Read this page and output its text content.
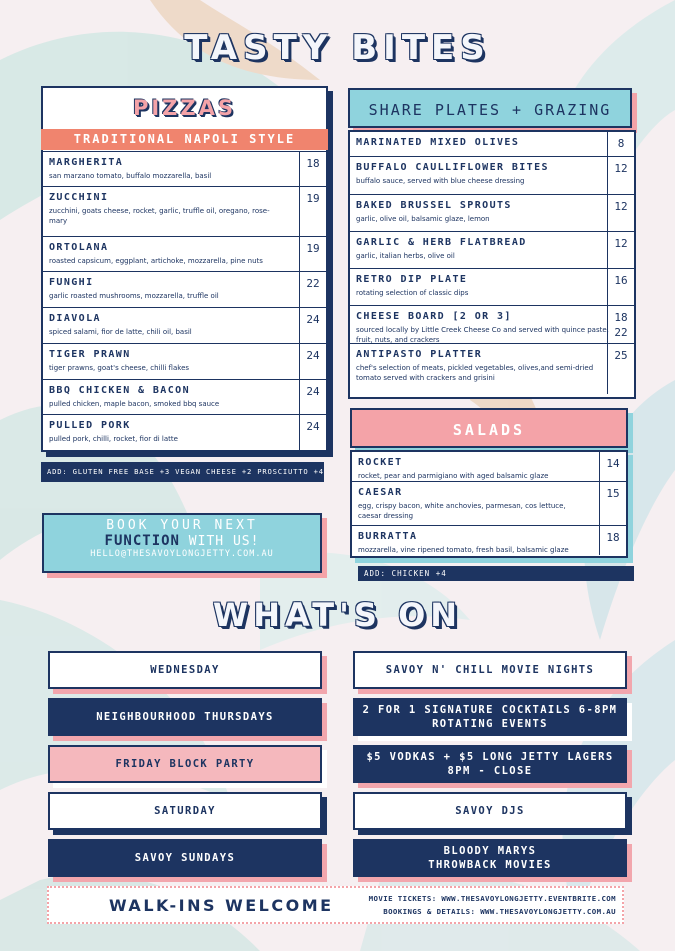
TASTY BITES
PIZZAS
TRADITIONAL NAPOLI STYLE
MARGHERITA
san marzano tomato, buffalo mozzarella, basil
18
ZUCCHINI
zucchini, goats cheese, rocket, garlic, truffle oil, oregano, rose-
mary
19
ORTOLANA
roasted capsicum, eggplant, artichoke, mozzarella, pine nuts
19
FUNGHI
garlic roasted mushrooms, mozzarella, truffle oil
22
DIAVOLA
spiced salami, fior de latte, chili oil, basil
24
TIGER PRAWN
tiger prawns, goat's cheese, chilli flakes
24
BBQ CHICKEN & BACON
pulled chicken, maple bacon, smoked bbq sauce
24
PULLED PORK
pulled pork, chilli, rocket, fior di latte
24
ADD: GLUTEN FREE BASE +3 VEGAN CHEESE +2 PROSCIUTTO +4
SHARE PLATES + GRAZING
MARINATED MIXED OLIVES	8
BUFFALO CAULLIFLOWER BITES
buffalo sauce, served with blue cheese dressing
12
BAKED BRUSSEL SPROUTS
garlic, olive oil, balsamic glaze, lemon
12
GARLIC & HERB FLATBREAD
garlic, italian herbs, olive oil
12
RETRO DIP PLATE
rotating selection of classic dips
16
CHEESE BOARD [2 OR 3]
sourced locally by Little Creek Cheese Co and served with quince paste,
fruit, nuts, and crackers
18
22
ANTIPASTO PLATTER
chef's selection of meats, pickled vegetables, olives,and semi-dried
tomato served with crackers and grisini
25
SALADS
ROCKET
rocket, pear and parmigiano with aged balsamic glaze
14
CAESAR
egg, crispy bacon, white anchovies, parmesan, cos lettuce,
caesar dressing
15
BURRATTA
mozzarella, vine ripened tomato, fresh basil, balsamic glaze
18
ADD: CHICKEN +4
BOOK YOUR NEXT
FUNCTION WITH US!
HELLO@THESAVOYLONGJETTY.COM.AU
WHAT'S ON
WEDNESDAY
NEIGHBOURHOOD THURSDAYS
FRIDAY BLOCK PARTY
SATURDAY
SAVOY SUNDAYS
SAVOY N' CHILL MOVIE NIGHTS
2 FOR 1 SIGNATURE COCKTAILS 6-8PM
ROTATING EVENTS
$5 VODKAS + $5 LONG JETTY LAGERS
8PM - CLOSE
SAVOY DJS
BLOODY MARYS
THROWBACK MOVIES
WALK-INS WELCOME	MOVIE TICKETS: WWW.THESAVOYLONGJETTY.EVENTBRITE.COM
BOOKINGS & DETAILS: WWW.THESAVOYLONGJETTY.COM.AU
